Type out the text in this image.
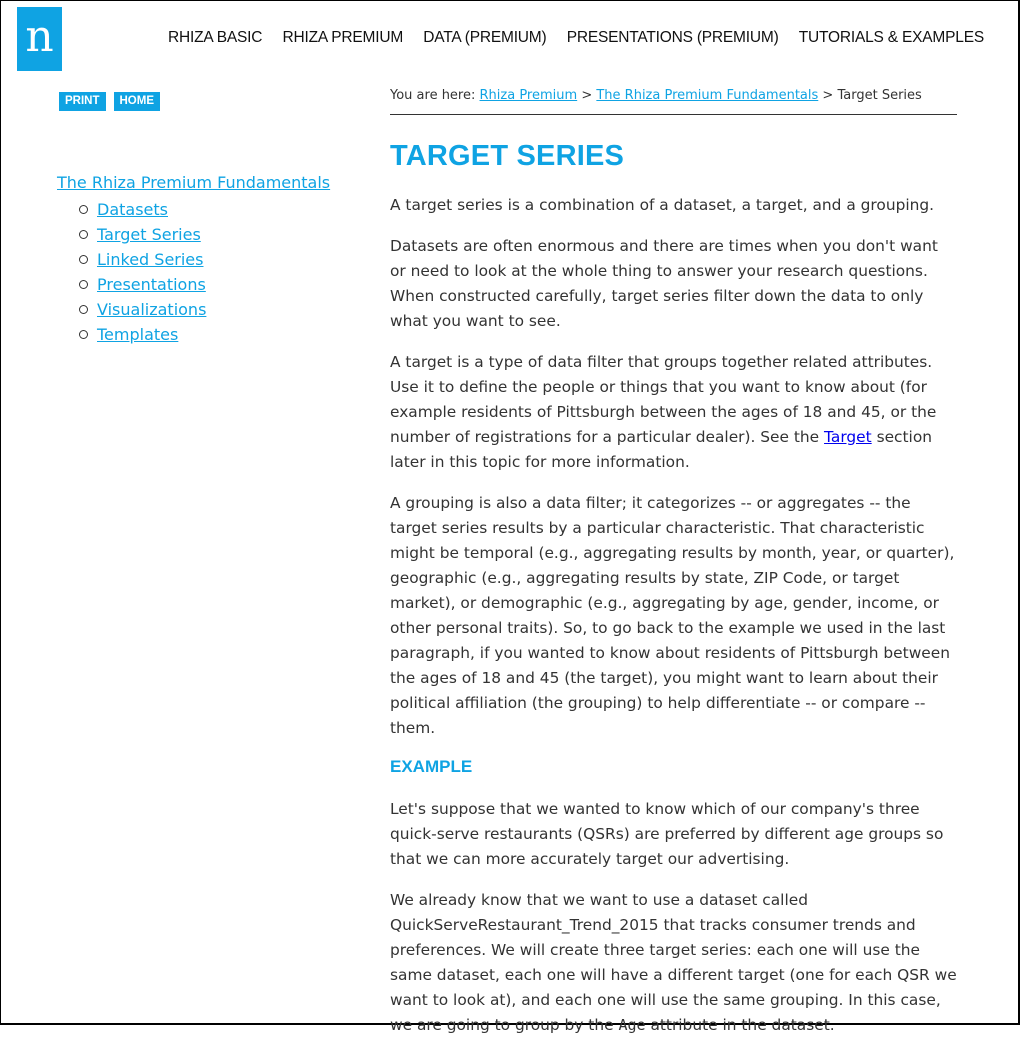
n	RHIZA BASIC RHIZA PREMIUM DATA (PREMIUM) PRESENTATIONS (PREMIUM) TUTORIALS & EXAMPLES
PRINT	HOME
The Rhiza Premium Fundamentals
Datasets
Target Series
Linked Series
Presentations
Visualizations
Templates
You are here: Rhiza Premium > The Rhiza Premium Fundamentals > Target Series
TARGET SERIES

A target series is a combination of a dataset, a target, and a grouping.

Datasets are often enormous and there are times when you don't want or need to look at the whole thing to answer your research questions. When constructed carefully, target series filter down the data to only what you want to see.

A target is a type of data filter that groups together related attributes. Use it to define the people or things that you want to know about (for example residents of Pittsburgh between the ages of 18 and 45, or the number of registrations for a particular dealer). See the Target section later in this topic for more information.

A grouping is also a data filter; it categorizes -- or aggregates -- the target series results by a particular characteristic. That characteristic might be temporal (e.g., aggregating results by month, year, or quarter), geographic (e.g., aggregating results by state, ZIP Code, or target market), or demographic (e.g., aggregating by age, gender, income, or other personal traits). So, to go back to the example we used in the last paragraph, if you wanted to know about residents of Pittsburgh between the ages of 18 and 45 (the target), you might want to learn about their political affiliation (the grouping) to help differentiate -- or compare -- them.

EXAMPLE

Let's suppose that we wanted to know which of our company's three quick-serve restaurants (QSRs) are preferred by different age groups so that we can more accurately target our advertising.

We already know that we want to use a dataset called QuickServeRestaurant_Trend_2015 that tracks consumer trends and preferences. We will create three target series: each one will use the same dataset, each one will have a different target (one for each QSR we want to look at), and each one will use the same grouping. In this case, we are going to group by the Age attribute in the dataset.
